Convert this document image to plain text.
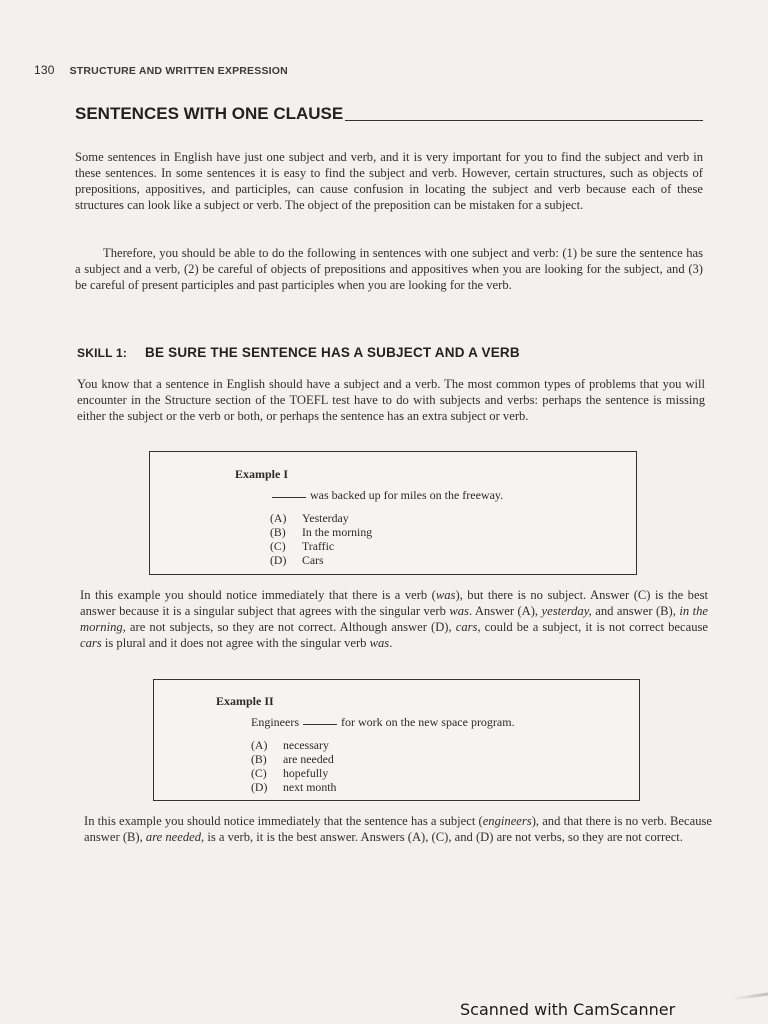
130 STRUCTURE AND WRITTEN EXPRESSION
SENTENCES WITH ONE CLAUSE
Some sentences in English have just one subject and verb, and it is very important for you to find the subject and verb in these sentences. In some sentences it is easy to find the subject and verb. However, certain structures, such as objects of prepositions, appositives, and participles, can cause confusion in locating the subject and verb because each of these structures can look like a subject or verb. The object of the preposition can be mistaken for a subject.
Therefore, you should be able to do the following in sentences with one subject and verb: (1) be sure the sentence has a subject and a verb, (2) be careful of objects of prepositions and appositives when you are looking for the subject, and (3) be careful of present participles and past participles when you are looking for the verb.
SKILL 1: BE SURE THE SENTENCE HAS A SUBJECT AND A VERB
You know that a sentence in English should have a subject and a verb. The most common types of problems that you will encounter in the Structure section of the TOEFL test have to do with subjects and verbs: perhaps the sentence is missing either the subject or the verb or both, or perhaps the sentence has an extra subject or verb.
Example I
was backed up for miles on the freeway.
(A)	Yesterday
(B)	In the morning
(C)	Traffic
(D)	Cars
In this example you should notice immediately that there is a verb (was), but there is no subject. Answer (C) is the best answer because it is a singular subject that agrees with the singular verb was. Answer (A), yesterday, and answer (B), in the morning, are not subjects, so they are not correct. Although answer (D), cars, could be a subject, it is not correct because cars is plural and it does not agree with the singular verb was.
Example II
Engineers	for work on the new space program.
(A)	necessary
(B)	are needed
(C)	hopefully
(D)	next month
In this example you should notice immediately that the sentence has a subject (engineers), and that there is no verb. Because answer (B), are needed, is a verb, it is the best answer. Answers (A), (C), and (D) are not verbs, so they are not correct.
Scanned with CamScanner
